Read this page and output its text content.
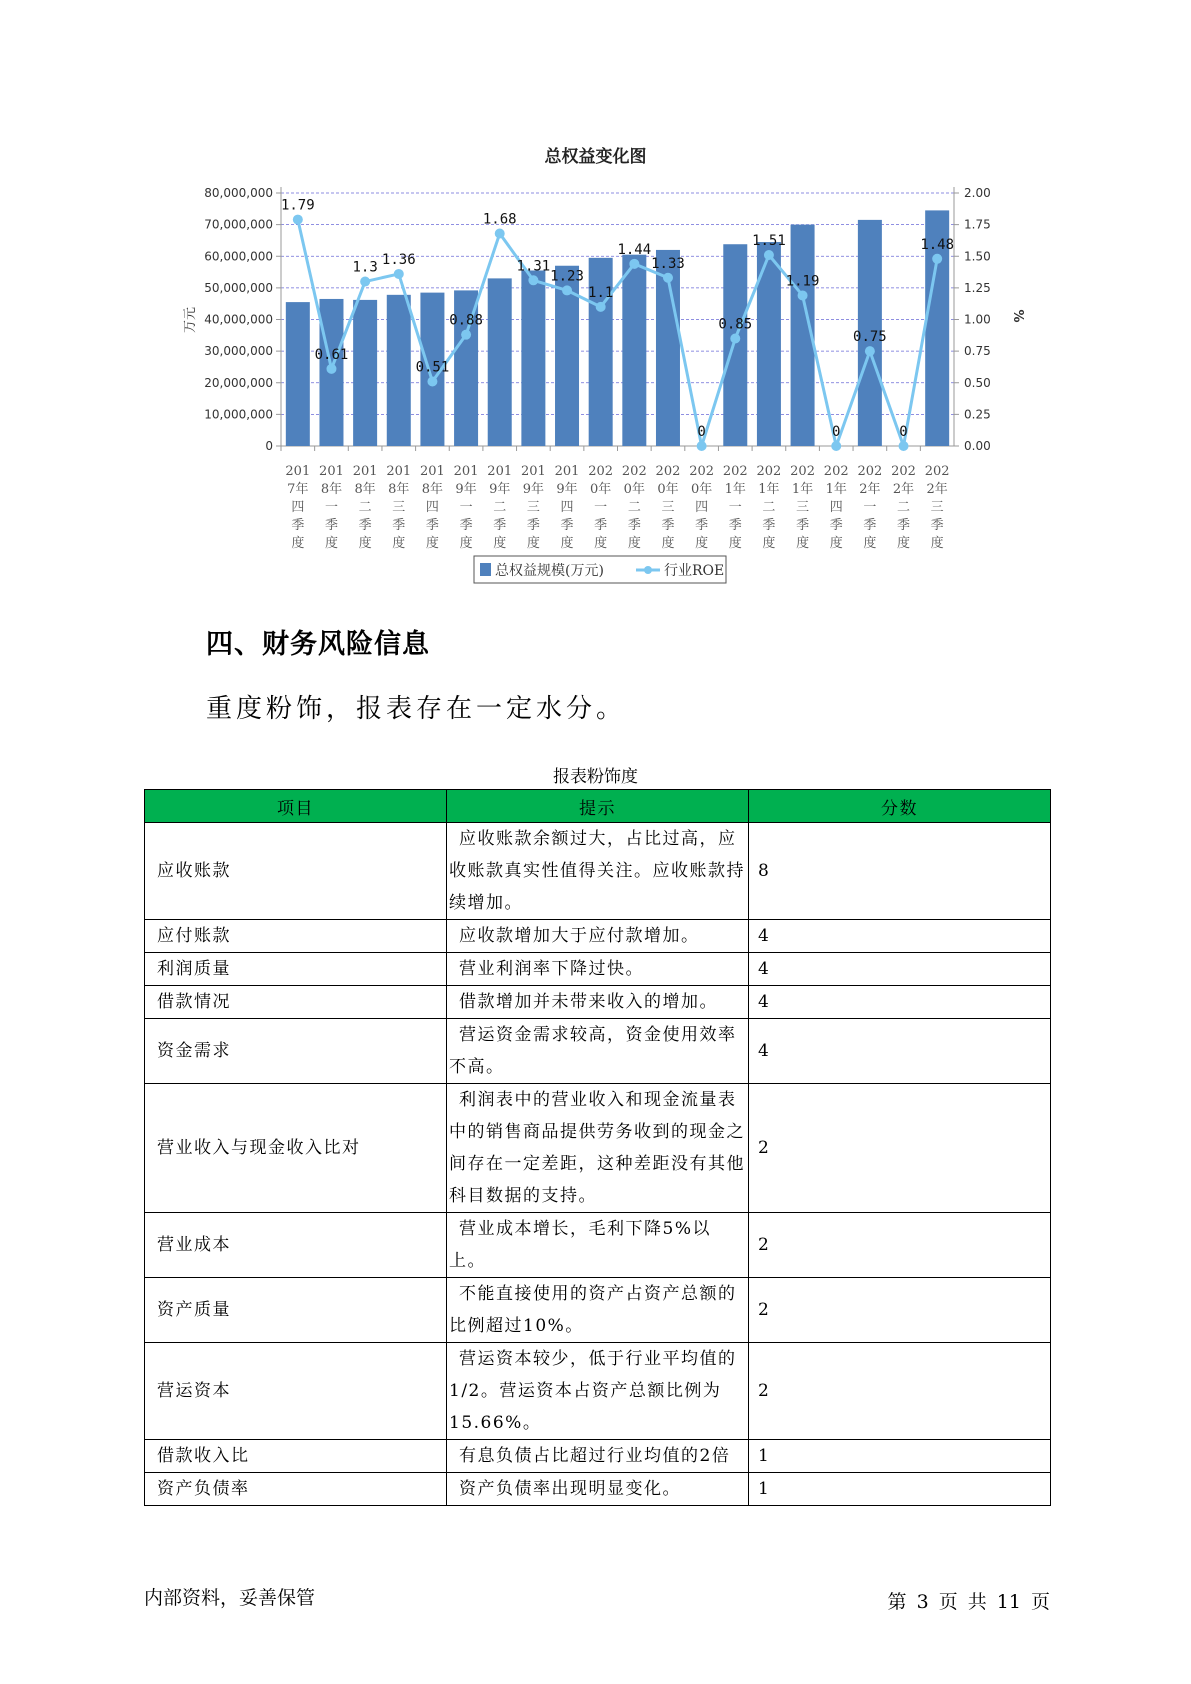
总权益变化图
0
10,000,000
20,000,000
30,000,000
40,000,000
50,000,000
60,000,000
70,000,000
80,000,000
0.00
0.25
0.50
0.75
1.00
1.25
1.50
1.75
2.00
万元	%
1.79
0.61
1.3 1.36
0.51
0.88
1.68
1.31
1.23
1.1
1.44
1.33
0
0.85
1.51
1.19
0
0.75
0
1.48
201
7年
四
季
度
201
8年
一
季
度
201
8年
二
季
度
201
8年
三
季
度
201
8年
四
季
度
201
9年
一
季
度
201
9年
二
季
度
201
9年
三
季
度
201
9年
四
季
度
202
0年
一
季
度
202
0年
二
季
度
202
0年
三
季
度
202
0年
四
季
度
202
1年
一
季
度
202
1年
二
季
度
202
1年
三
季
度
202
1年
四
季
度
202
2年
一
季
度
202
2年
二
季
度
202
2年
三
季
度
总权益规模(万元)	行业ROE
四、财务风险信息
重度粉饰，报表存在一定水分。
报表粉饰度
项目	提示	分数
应收账款	应收账款余额过大，占比过高，应收账款真实性值得关注。应收账款持续增加。	8
应付账款	应收款增加大于应付款增加。	4
利润质量	营业利润率下降过快。	4
借款情况	借款增加并未带来收入的增加。	4
资金需求	营运资金需求较高，资金使用效率不高。	4
营业收入与现金收入比对	利润表中的营业收入和现金流量表中的销售商品提供劳务收到的现金之间存在一定差距，这种差距没有其他科目数据的支持。	2
营业成本	营业成本增长，毛利下降5%以上。	2
资产质量	不能直接使用的资产占资产总额的比例超过10%。	2
营运资本	营运资本较少，低于行业平均值的1/2。营运资本占资产总额比例为15.66%。	2
借款收入比	有息负债占比超过行业均值的2倍	1
资产负债率	资产负债率出现明显变化。	1
内部资料，妥善保管	第 3 页 共 11 页
